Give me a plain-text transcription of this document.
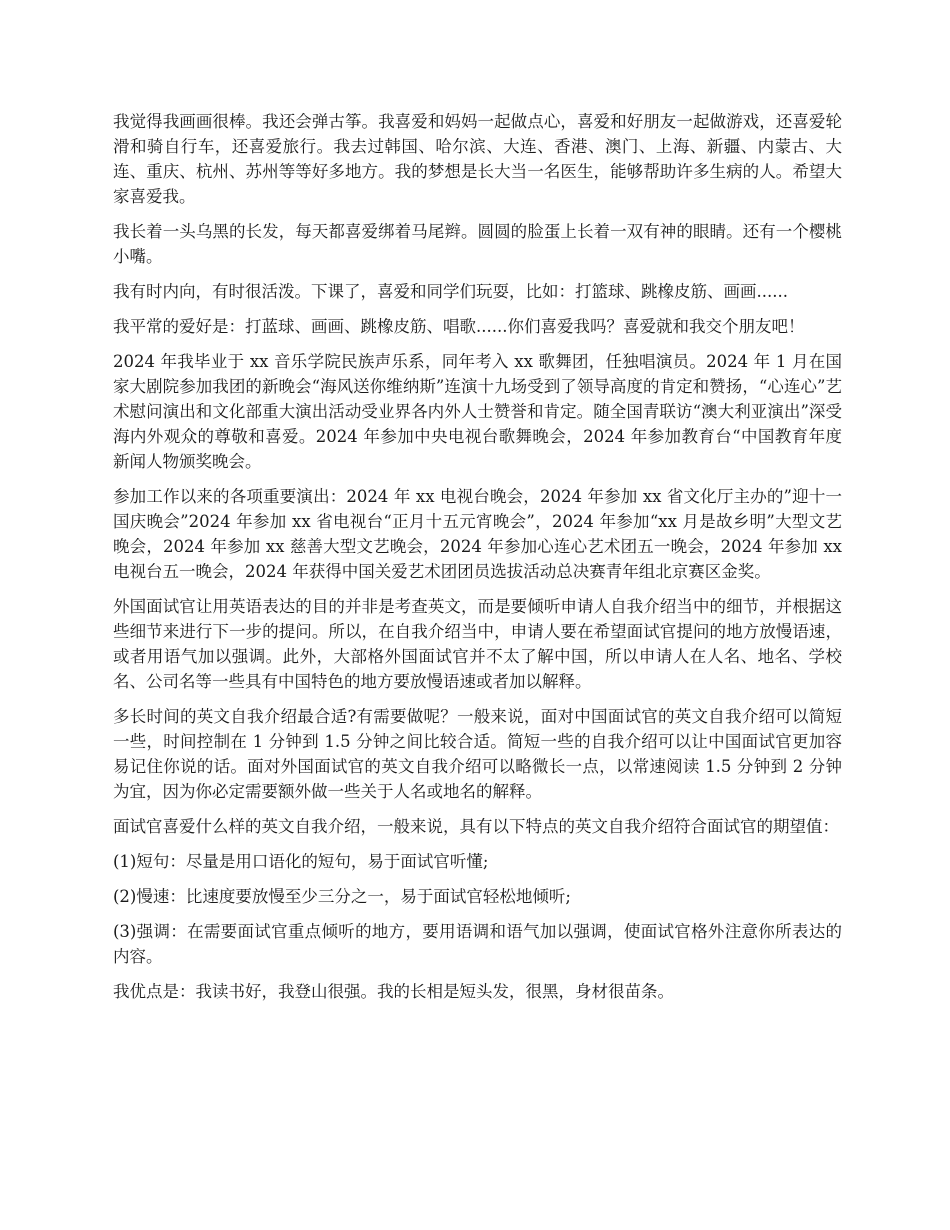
我觉得我画画很棒。我还会弹古筝。我喜爱和妈妈一起做点心，喜爱和好朋友一起做游戏，还喜爱轮滑和骑自行车，还喜爱旅行。我去过韩国、哈尔滨、大连、香港、澳门、上海、新疆、内蒙古、大连、重庆、杭州、苏州等等好多地方。我的梦想是长大当一名医生，能够帮助许多生病的人。希望大家喜爱我。

我长着一头乌黑的长发，每天都喜爱绑着马尾辫。圆圆的脸蛋上长着一双有神的眼睛。还有一个樱桃小嘴。

我有时内向，有时很活泼。下课了，喜爱和同学们玩耍，比如：打篮球、跳橡皮筋、画画......

我平常的爱好是：打蓝球、画画、跳橡皮筋、唱歌......你们喜爱我吗？喜爱就和我交个朋友吧！

2024 年我毕业于 xx 音乐学院民族声乐系，同年考入 xx 歌舞团，任独唱演员。2024 年 1 月在国家大剧院参加我团的新晚会“海风送你维纳斯”连演十九场受到了领导高度的肯定和赞扬，“心连心”艺术慰问演出和文化部重大演出活动受业界各内外人士赞誉和肯定。随全国青联访“澳大利亚演出”深受海内外观众的尊敬和喜爱。2024 年参加中央电视台歌舞晚会，2024 年参加教育台“中国教育年度新闻人物颁奖晚会。

参加工作以来的各项重要演出：2024 年 xx 电视台晚会，2024 年参加 xx 省文化厅主办的”迎十一国庆晚会”2024 年参加 xx 省电视台“正月十五元宵晚会”，2024 年参加“xx 月是故乡明”大型文艺晚会，2024 年参加 xx 慈善大型文艺晚会，2024 年参加心连心艺术团五一晚会，2024 年参加 xx 电视台五一晚会，2024 年获得中国关爱艺术团团员选拔活动总决赛青年组北京赛区金奖。

外国面试官让用英语表达的目的并非是考查英文，而是要倾听申请人自我介绍当中的细节，并根据这些细节来进行下一步的提问。所以，在自我介绍当中，申请人要在希望面试官提问的地方放慢语速，或者用语气加以强调。此外，大部格外国面试官并不太了解中国，所以申请人在人名、地名、学校名、公司名等一些具有中国特色的地方要放慢语速或者加以解释。

多长时间的英文自我介绍最合适?有需要做呢？一般来说，面对中国面试官的英文自我介绍可以简短一些，时间控制在 1 分钟到 1.5 分钟之间比较合适。简短一些的自我介绍可以让中国面试官更加容易记住你说的话。面对外国面试官的英文自我介绍可以略微长一点，以常速阅读 1.5 分钟到 2 分钟为宜，因为你必定需要额外做一些关于人名或地名的解释。

面试官喜爱什么样的英文自我介绍，一般来说，具有以下特点的英文自我介绍符合面试官的期望值：

(1)短句：尽量是用口语化的短句，易于面试官听懂;

(2)慢速：比速度要放慢至少三分之一，易于面试官轻松地倾听;

(3)强调：在需要面试官重点倾听的地方，要用语调和语气加以强调，使面试官格外注意你所表达的内容。

我优点是：我读书好，我登山很强。我的长相是短头发，很黑，身材很苗条。
